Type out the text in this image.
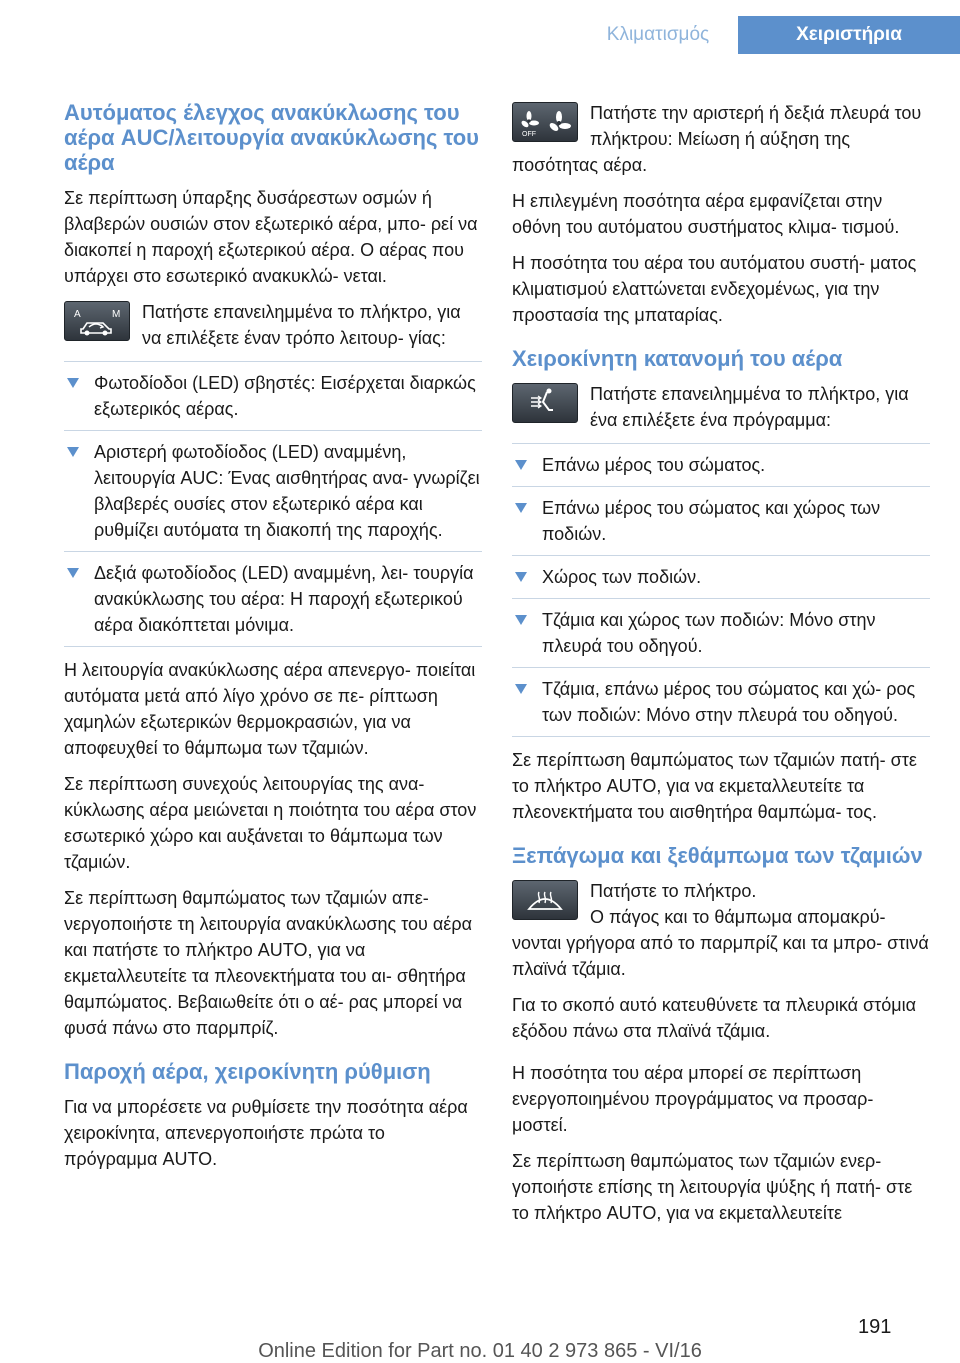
Κλιματισμός	Χειριστήρια
Αυτόματος έλεγχος ανακύκλωσης του αέρα AUC/λειτουργία ανακύκλωσης του αέρα

Σε περίπτωση ύπαρξης δυσάρεστων οσμών ή βλαβερών ουσιών στον εξωτερικό αέρα, μπο‐ ρεί να διακοπεί η παροχή εξωτερικού αέρα. Ο αέρας που υπάρχει στο εσωτερικό ανακυκλώ‐ νεται.

A	M Πατήστε επανειλημμένα το πλήκτρο, για να επιλέξετε έναν τρόπο λειτουρ‐ γίας:
Φωτοδίοδοι (LED) σβηστές: Εισέρχεται διαρκώς εξωτερικός αέρας.
Αριστερή φωτοδίοδος (LED) αναμμένη, λειτουργία AUC: Ένας αισθητήρας ανα‐ γνωρίζει βλαβερές ουσίες στον εξωτερικό αέρα και ρυθμίζει αυτόματα τη διακοπή της παροχής.
Δεξιά φωτοδίοδος (LED) αναμμένη, λει‐ τουργία ανακύκλωσης του αέρα: Η παροχή εξωτερικού αέρα διακόπτεται μόνιμα.

Η λειτουργία ανακύκλωσης αέρα απενεργο‐ ποιείται αυτόματα μετά από λίγο χρόνο σε πε‐ ρίπτωση χαμηλών εξωτερικών θερμοκρασιών, για να αποφευχθεί το θάμπωμα των τζαμιών.

Σε περίπτωση συνεχούς λειτουργίας της ανα‐ κύκλωσης αέρα μειώνεται η ποιότητα του αέρα στον εσωτερικό χώρο και αυξάνεται το θάμπωμα των τζαμιών.

Σε περίπτωση θαμπώματος των τζαμιών απε‐ νεργοποιήστε τη λειτουργία ανακύκλωσης του αέρα και πατήστε το πλήκτρο AUTO, για να εκμεταλλευτείτε τα πλεονεκτήματα του αι‐ σθητήρα θαμπώματος. Βεβαιωθείτε ότι ο αέ‐ ρας μπορεί να φυσά πάνω στο παρμπρίζ.

Παροχή αέρα, χειροκίνητη ρύθμιση

Για να μπορέσετε να ρυθμίσετε την ποσότητα αέρα χειροκίνητα, απενεργοποιήστε πρώτα το πρόγραμμα AUTO.

OFF
Πατήστε την αριστερή ή δεξιά πλευρά του πλήκτρου: Μείωση ή αύξηση της ποσότητας αέρα.

Η επιλεγμένη ποσότητα αέρα εμφανίζεται στην οθόνη του αυτόματου συστήματος κλιμα‐ τισμού.

Η ποσότητα του αέρα του αυτόματου συστή‐ ματος κλιματισμού ελαττώνεται ενδεχομένως, για την προστασία της μπαταρίας.

Χειροκίνητη κατανομή του αέρα
Πατήστε επανειλημμένα το πλήκτρο, για ένα επιλέξετε ένα πρόγραμμα:
Επάνω μέρος του σώματος.
Επάνω μέρος του σώματος και χώρος των ποδιών.
Χώρος των ποδιών.
Τζάμια και χώρος των ποδιών: Μόνο στην πλευρά του οδηγού.
Τζάμια, επάνω μέρος του σώματος και χώ‐ ρος των ποδιών: Μόνο στην πλευρά του οδηγού.

Σε περίπτωση θαμπώματος των τζαμιών πατή‐ στε το πλήκτρο AUTO, για να εκμεταλλευτείτε τα πλεονεκτήματα του αισθητήρα θαμπώμα‐ τος.

Ξεπάγωμα και ξεθάμπωμα των τζαμιών
Πατήστε το πλήκτρο.
Ο πάγος και το θάμπωμα απομακρύ‐ νονται γρήγορα από το παρμπρίζ και τα μπρο‐ στινά πλαϊνά τζάμια.

Για το σκοπό αυτό κατευθύνετε τα πλευρικά στόμια εξόδου πάνω στα πλαϊνά τζάμια.

Η ποσότητα του αέρα μπορεί σε περίπτωση ενεργοποιημένου προγράμματος να προσαρ‐ μοστεί.

Σε περίπτωση θαμπώματος των τζαμιών ενερ‐ γοποιήστε επίσης τη λειτουργία ψύξης ή πατή‐ στε το πλήκτρο AUTO, για να εκμεταλλευτείτε

191
Online Edition for Part no. 01 40 2 973 865 - VI/16
